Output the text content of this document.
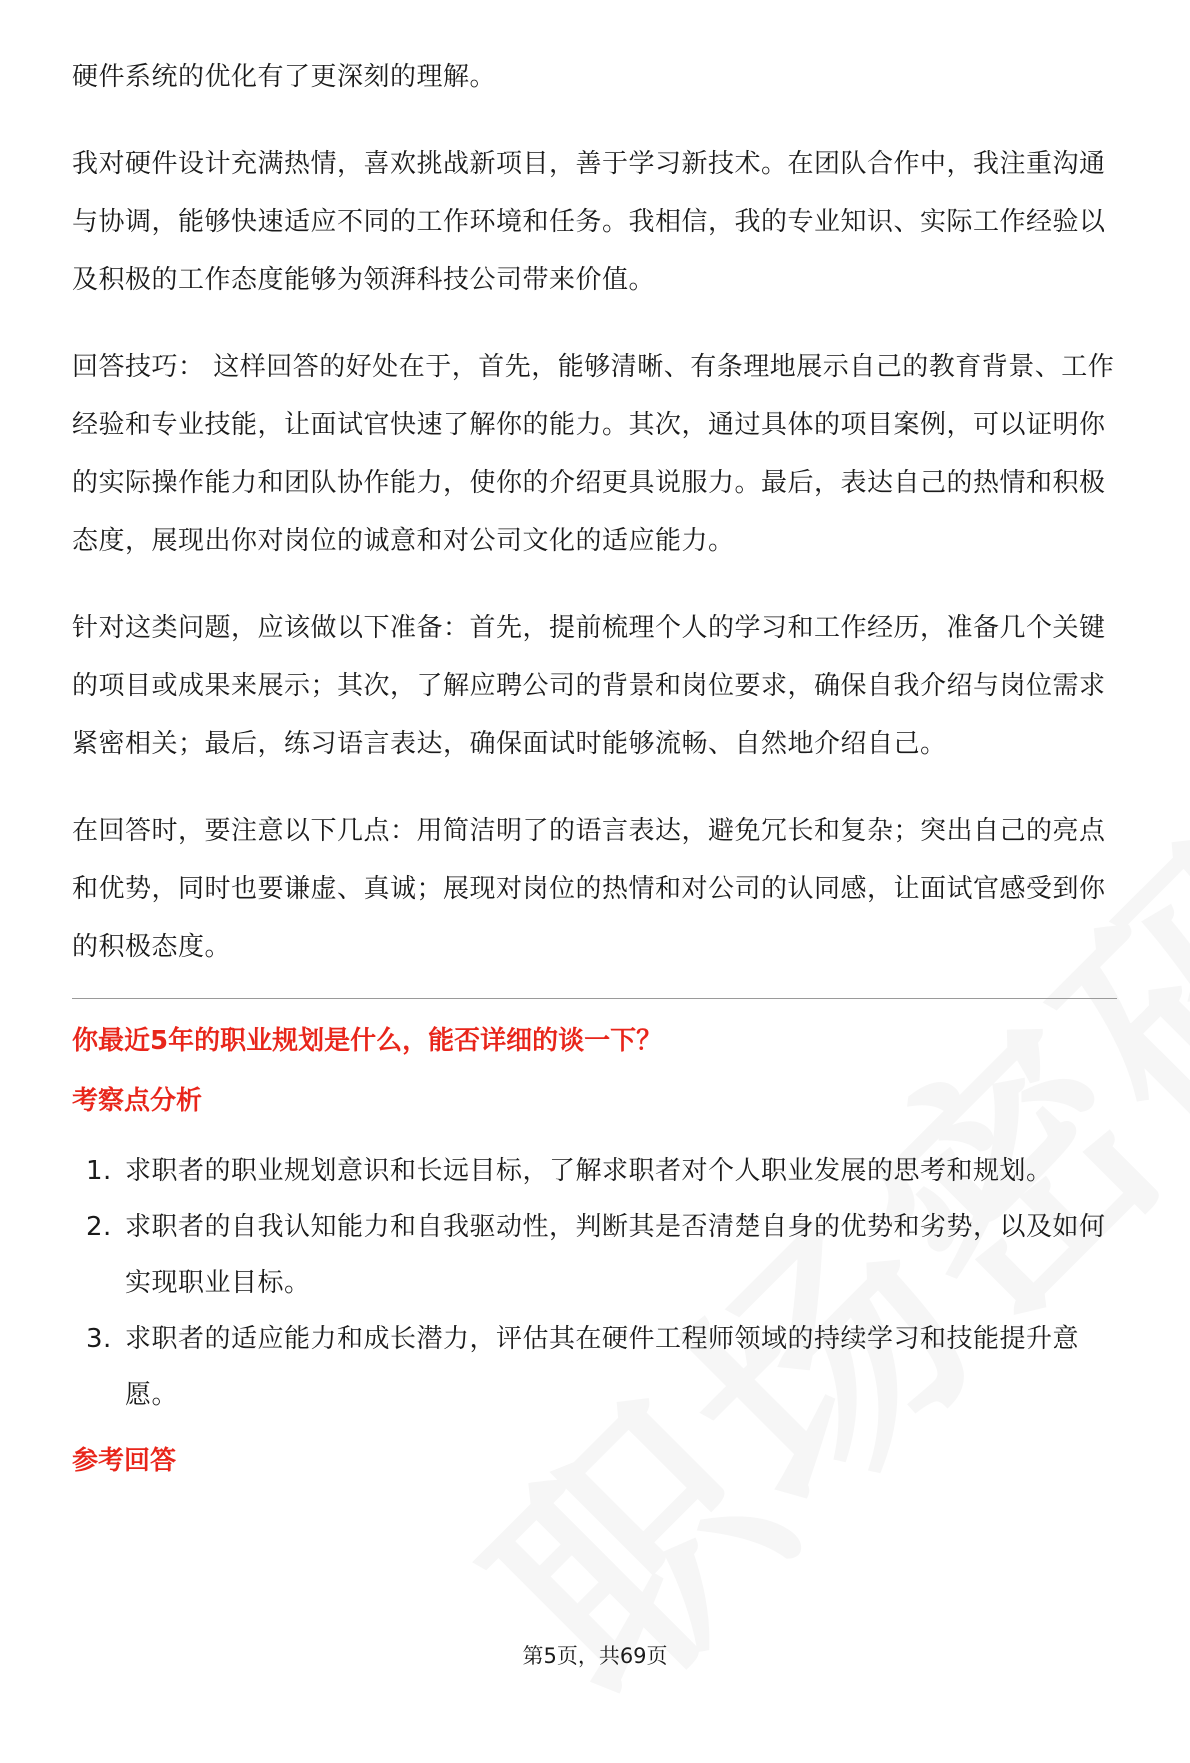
硬件系统的优化有了更深刻的理解。

我对硬件设计充满热情，喜欢挑战新项目，善于学习新技术。在团队合作中，我注重沟通与协调，能够快速适应不同的工作环境和任务。我相信，我的专业知识、实际工作经验以及积极的工作态度能够为领湃科技公司带来价值。

回答技巧： 这样回答的好处在于，首先，能够清晰、有条理地展示自己的教育背景、工作经验和专业技能，让面试官快速了解你的能力。其次，通过具体的项目案例，可以证明你的实际操作能力和团队协作能力，使你的介绍更具说服力。最后，表达自己的热情和积极态度，展现出你对岗位的诚意和对公司文化的适应能力。

针对这类问题，应该做以下准备：首先，提前梳理个人的学习和工作经历，准备几个关键的项目或成果来展示；其次，了解应聘公司的背景和岗位要求，确保自我介绍与岗位需求紧密相关；最后，练习语言表达，确保面试时能够流畅、自然地介绍自己。

在回答时，要注意以下几点：用简洁明了的语言表达，避免冗长和复杂；突出自己的亮点和优势，同时也要谦虚、真诚；展现对岗位的热情和对公司的认同感，让面试官感受到你的积极态度。

你最近5年的职业规划是什么，能否详细的谈一下？
考察点分析
1. 求职者的职业规划意识和长远目标，了解求职者对个人职业发展的思考和规划。
2. 求职者的自我认知能力和自我驱动性，判断其是否清楚自身的优势和劣势，以及如何实现职业目标。
3. 求职者的适应能力和成长潜力，评估其在硬件工程师领域的持续学习和技能提升意愿。
参考回答
第5页，共69页
